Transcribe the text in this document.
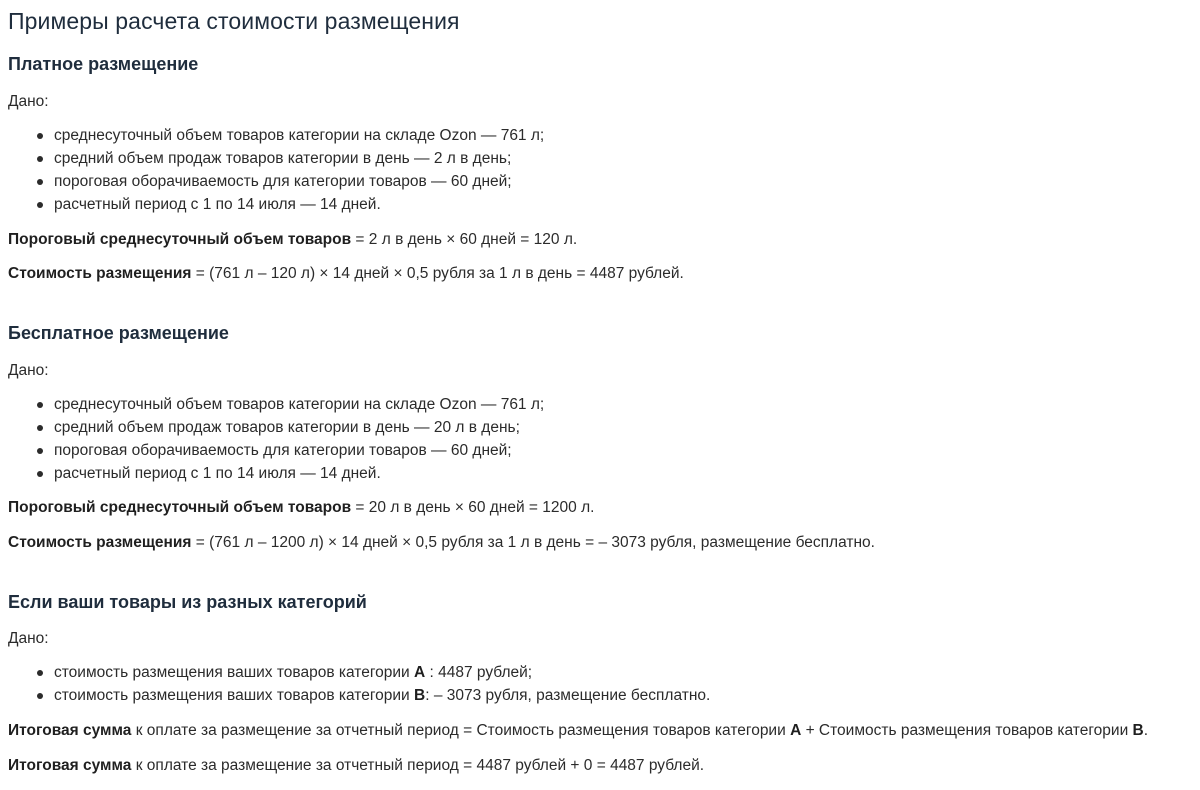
Примеры расчета стоимости размещения
Платное размещение

Дано:

среднесуточный объем товаров категории на складе Ozon — 761 л;
средний объем продаж товаров категории в день — 2 л в день;
пороговая оборачиваемость для категории товаров — 60 дней;
расчетный период с 1 по 14 июля — 14 дней.

Пороговый среднесуточный объем товаров = 2 л в день × 60 дней = 120 л.

Стоимость размещения = (761 л – 120 л) × 14 дней × 0,5 рубля за 1 л в день = 4487 рублей.

Бесплатное размещение

Дано:

среднесуточный объем товаров категории на складе Ozon — 761 л;
средний объем продаж товаров категории в день — 20 л в день;
пороговая оборачиваемость для категории товаров — 60 дней;
расчетный период с 1 по 14 июля — 14 дней.

Пороговый среднесуточный объем товаров = 20 л в день × 60 дней = 1200 л.

Стоимость размещения = (761 л – 1200 л) × 14 дней × 0,5 рубля за 1 л в день = – 3073 рубля, размещение бесплатно.

Если ваши товары из разных категорий

Дано:

стоимость размещения ваших товаров категории A : 4487 рублей;
стоимость размещения ваших товаров категории B: – 3073 рубля, размещение бесплатно.

Итоговая сумма к оплате за размещение за отчетный период = Стоимость размещения товаров категории A + Стоимость размещения товаров категории B.

Итоговая сумма к оплате за размещение за отчетный период = 4487 рублей + 0 = 4487 рублей.
